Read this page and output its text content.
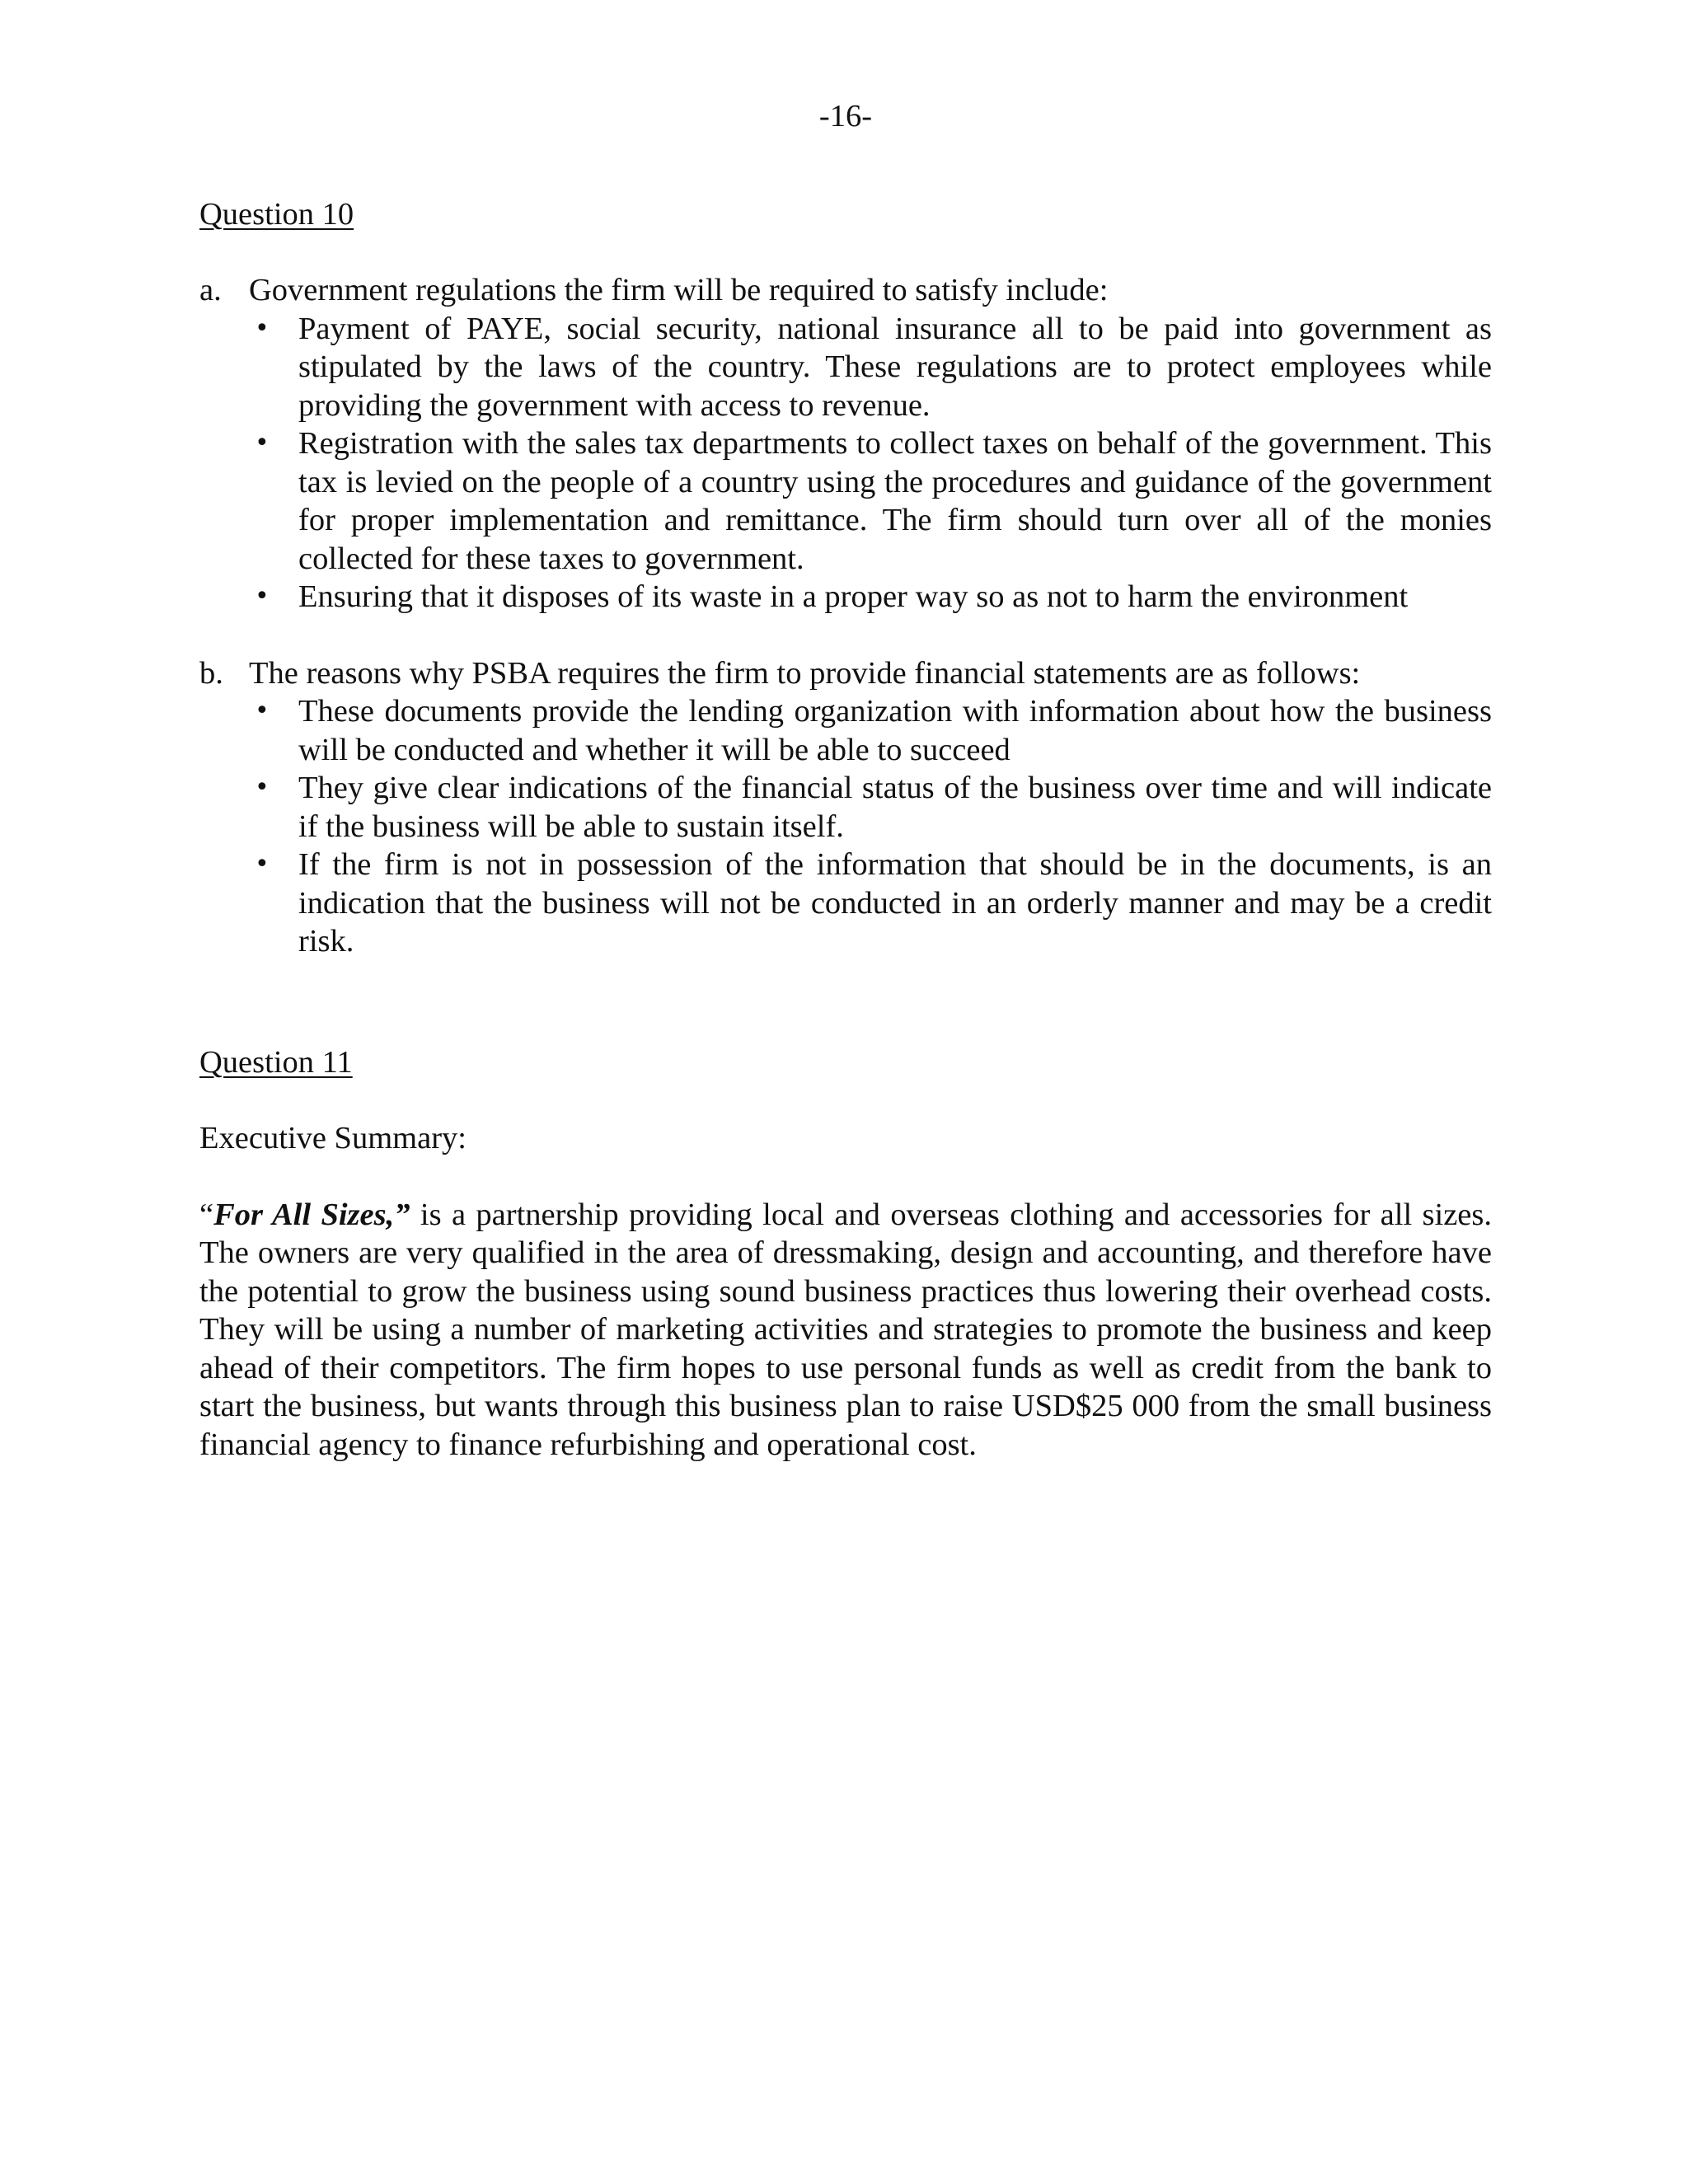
-16-

Question 10

a. Government regulations the firm will be required to satisfy include:

• Payment of PAYE, social security, national insurance all to be paid into government as stipulated by the laws of the country. These regulations are to protect employees while providing the government with access to revenue.
• Registration with the sales tax departments to collect taxes on behalf of the government. This tax is levied on the people of a country using the procedures and guidance of the government for proper implementation and remittance. The firm should turn over all of the monies collected for these taxes to government.
• Ensuring that it disposes of its waste in a proper way so as not to harm the environment
b. The reasons why PSBA requires the firm to provide financial statements are as follows:

• These documents provide the lending organization with information about how the business will be conducted and whether it will be able to succeed
• They give clear indications of the financial status of the business over time and will indicate if the business will be able to sustain itself.
• If the firm is not in possession of the information that should be in the documents, is an indication that the business will not be conducted in an orderly manner and may be a credit risk.

Question 11

Executive Summary:

“For All Sizes,” is a partnership providing local and overseas clothing and accessories for all sizes. The owners are very qualified in the area of dressmaking, design and accounting, and therefore have the potential to grow the business using sound business practices thus lowering their overhead costs. They will be using a number of marketing activities and strategies to promote the business and keep ahead of their competitors. The firm hopes to use personal funds as well as credit from the bank to start the business, but wants through this business plan to raise USD$25 000 from the small business financial agency to finance refurbishing and operational cost.
